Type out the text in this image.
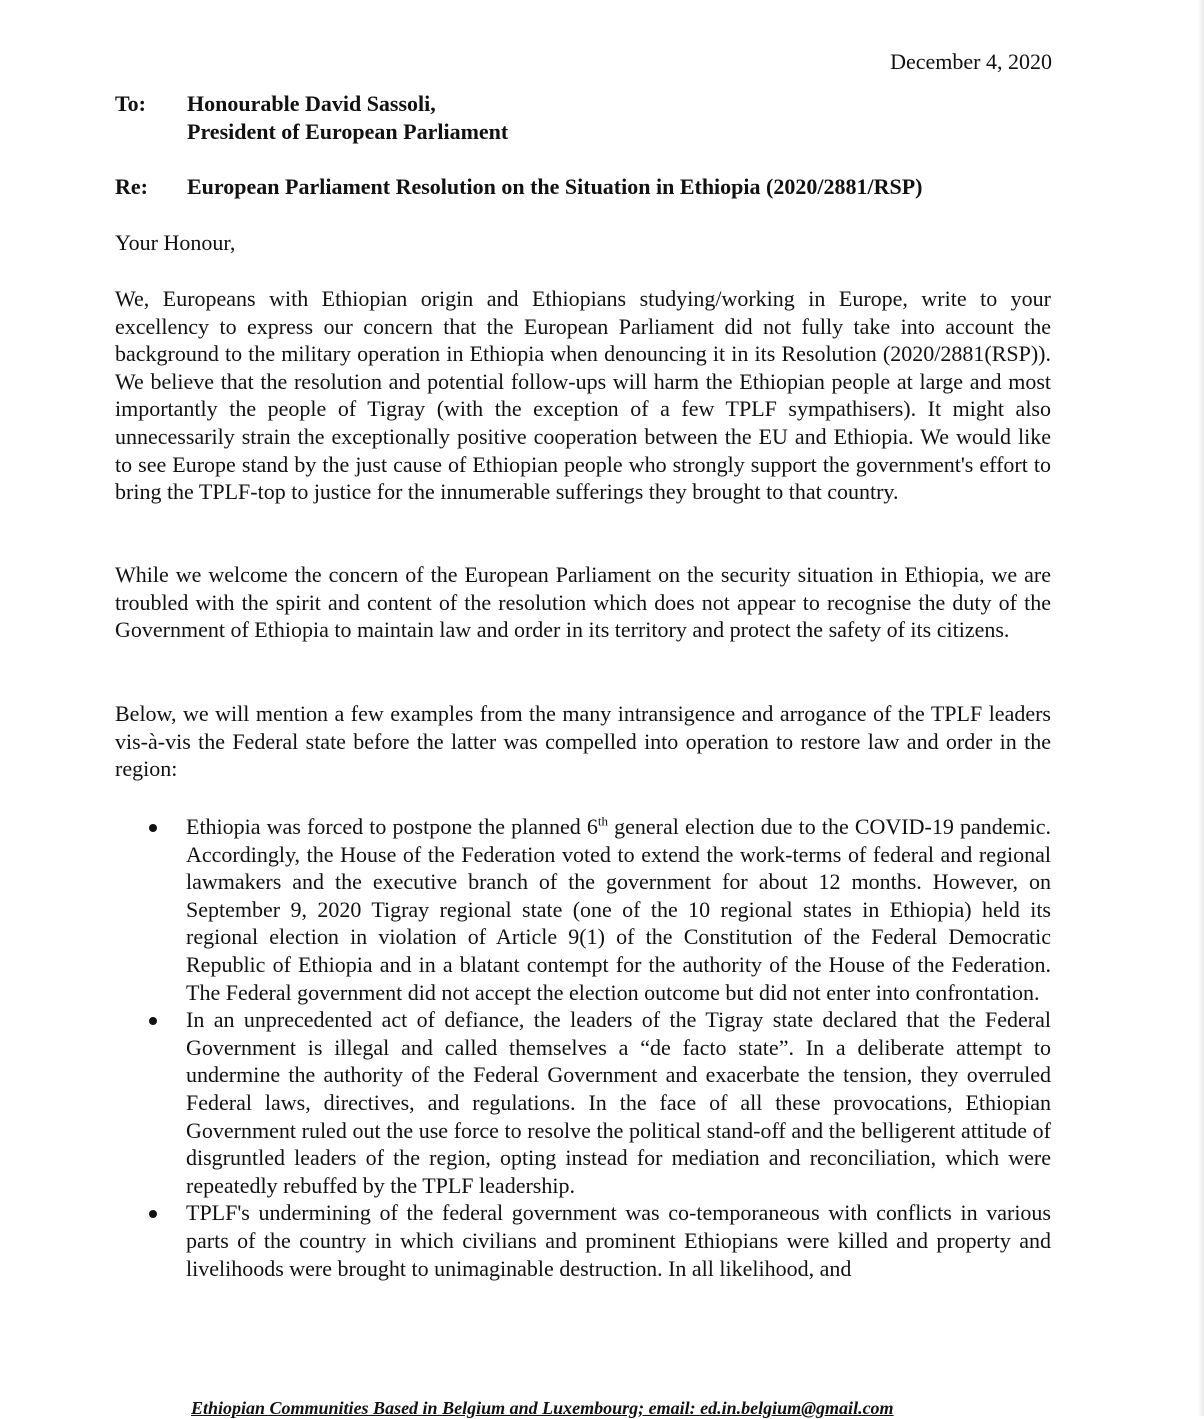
December 4, 2020
To:	Honourable David Sassoli,
President of European Parliament
Re:	European Parliament Resolution on the Situation in Ethiopia (2020/2881/RSP)
Your Honour,

We, Europeans with Ethiopian origin and Ethiopians studying/working in Europe, write to your excellency to express our concern that the European Parliament did not fully take into account the background to the military operation in Ethiopia when denouncing it in its Resolution (2020/2881(RSP)). We believe that the resolution and potential follow-ups will harm the Ethiopian people at large and most importantly the people of Tigray (with the exception of a few TPLF sympathisers). It might also unnecessarily strain the exceptionally positive cooperation between the EU and Ethiopia. We would like to see Europe stand by the just cause of Ethiopian people who strongly support the government's effort to bring the TPLF-top to justice for the innumerable sufferings they brought to that country.

While we welcome the concern of the European Parliament on the security situation in Ethiopia, we are troubled with the spirit and content of the resolution which does not appear to recognise the duty of the Government of Ethiopia to maintain law and order in its territory and protect the safety of its citizens.

Below, we will mention a few examples from the many intransigence and arrogance of the TPLF leaders vis-à-vis the Federal state before the latter was compelled into operation to restore law and order in the region:

Ethiopia was forced to postpone the planned 6th general election due to the COVID-19 pandemic. Accordingly, the House of the Federation voted to extend the work-terms of federal and regional lawmakers and the executive branch of the government for about 12 months. However, on September 9, 2020 Tigray regional state (one of the 10 regional states in Ethiopia) held its regional election in violation of Article 9(1) of the Constitution of the Federal Democratic Republic of Ethiopia and in a blatant contempt for the authority of the House of the Federation. The Federal government did not accept the election outcome but did not enter into confrontation.
In an unprecedented act of defiance, the leaders of the Tigray state declared that the Federal Government is illegal and called themselves a “de facto state”. In a deliberate attempt to undermine the authority of the Federal Government and exacerbate the tension, they overruled Federal laws, directives, and regulations. In the face of all these provocations, Ethiopian Government ruled out the use force to resolve the political stand-off and the belligerent attitude of disgruntled leaders of the region, opting instead for mediation and reconciliation, which were repeatedly rebuffed by the TPLF leadership.
TPLF's undermining of the federal government was co-temporaneous with conflicts in various parts of the country in which civilians and prominent Ethiopians were killed and property and livelihoods were brought to unimaginable destruction. In all likelihood, and
Ethiopian Communities Based in Belgium and Luxembourg; email: ed.in.belgium@gmail.com
